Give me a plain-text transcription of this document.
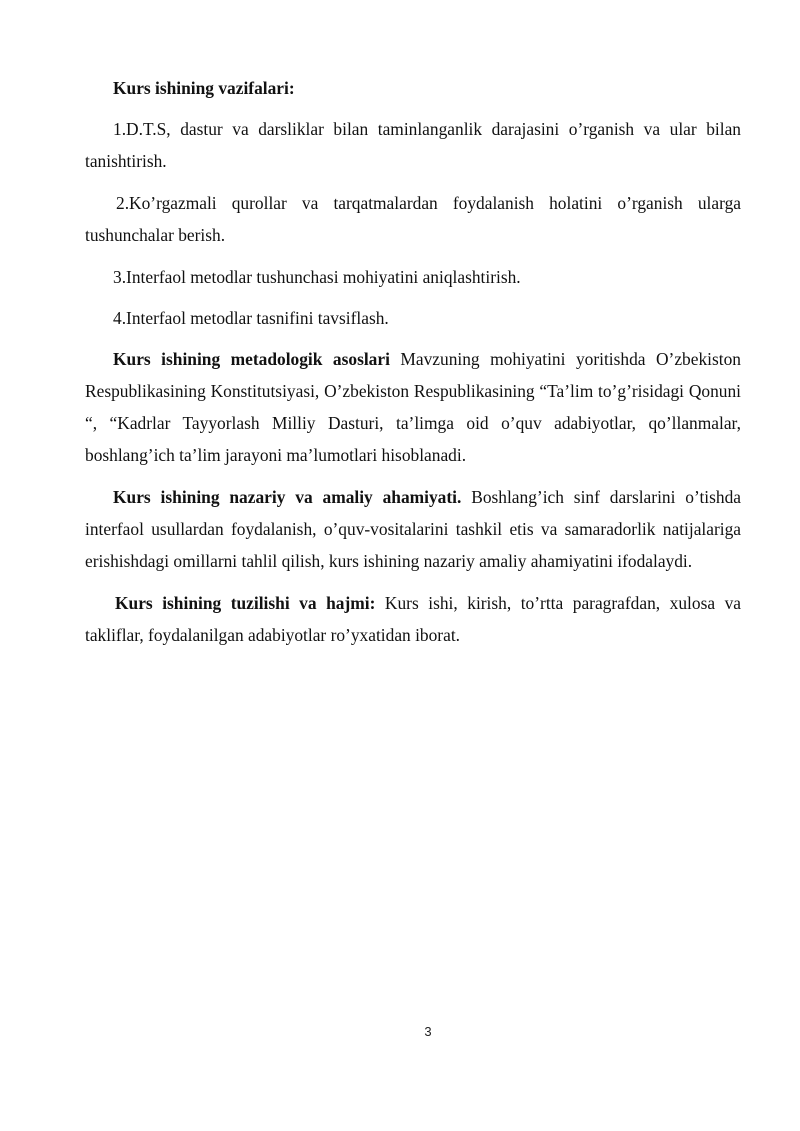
Kurs ishining vazifalari:

1.D.T.S, dastur va darsliklar bilan taminlanganlik darajasini o’rganish va ular bilan tanishtirish.

2.Ko’rgazmali qurollar va tarqatmalardan foydalanish holatini o’rganish ularga tushunchalar berish.

3.Interfaol metodlar tushunchasi mohiyatini aniqlashtirish.

4.Interfaol metodlar tasnifini tavsiflash.

Kurs ishining metadologik asoslari Mavzuning mohiyatini yoritishda O’zbekiston Respublikasining Konstitutsiyasi, O’zbekiston Respublikasining “Ta’lim to’g’risidagi Qonuni “, “Kadrlar Tayyorlash Milliy Dasturi, ta’limga oid o’quv adabiyotlar, qo’llanmalar, boshlang’ich ta’lim jarayoni ma’lumotlari hisoblanadi.

Kurs ishining nazariy va amaliy ahamiyati. Boshlang’ich sinf darslarini o’tishda interfaol usullardan foydalanish, o’quv-vositalarini tashkil etis va samaradorlik natijalariga erishishdagi omillarni tahlil qilish, kurs ishining nazariy amaliy ahamiyatini ifodalaydi.

Kurs ishining tuzilishi va hajmi: Kurs ishi, kirish, to’rtta paragrafdan, xulosa va takliflar, foydalanilgan adabiyotlar ro’yxatidan iborat.

3
